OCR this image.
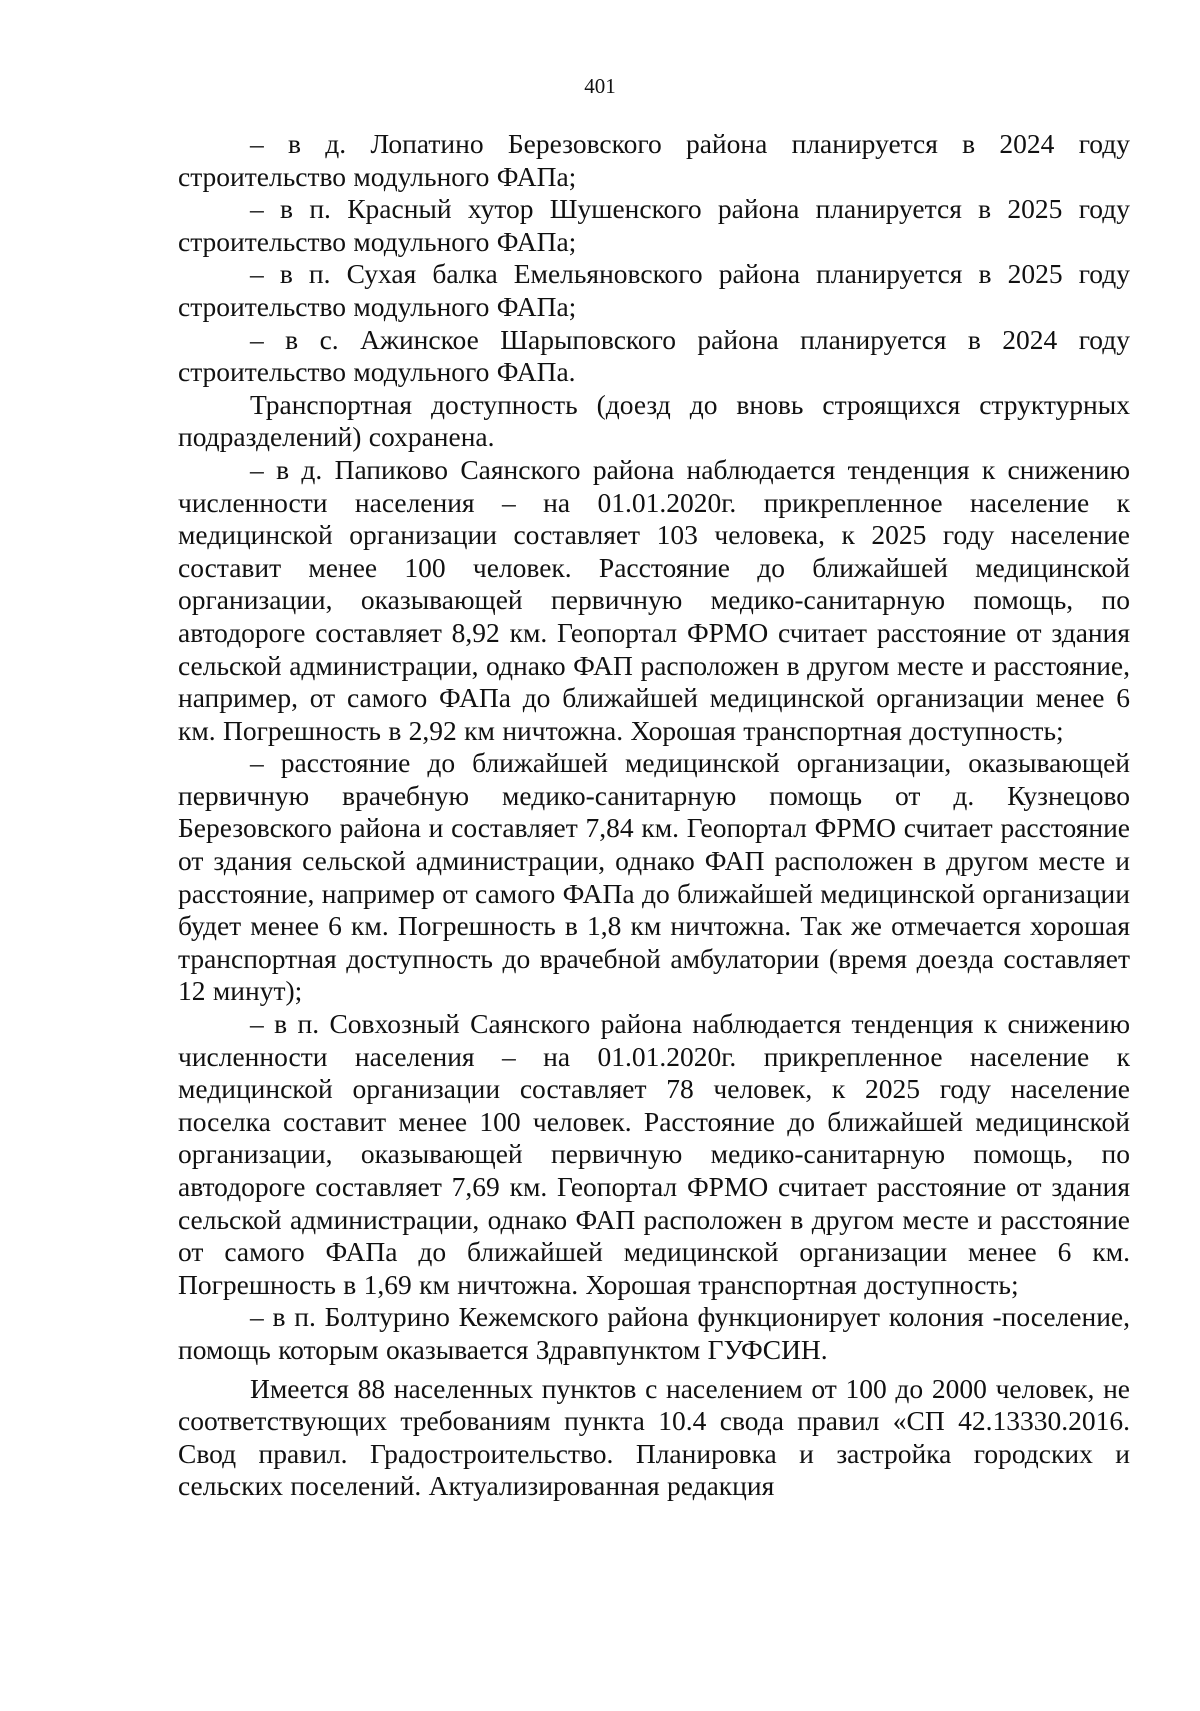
401

– в д. Лопатино Березовского района планируется в 2024 году строительство модульного ФАПа;

– в п. Красный хутор Шушенского района планируется в 2025 году строительство модульного ФАПа;

– в п. Сухая балка Емельяновского района планируется в 2025 году строительство модульного ФАПа;

– в с. Ажинское Шарыповского района планируется в 2024 году строительство модульного ФАПа.

Транспортная доступность (доезд до вновь строящихся структурных подразделений) сохранена.

– в д. Папиково Саянского района наблюдается тенденция к снижению численности населения – на 01.01.2020г. прикрепленное население к медицинской организации составляет 103 человека, к 2025 году население составит менее 100 человек. Расстояние до ближайшей медицинской организации, оказывающей первичную медико-санитарную помощь, по автодороге составляет 8,92 км. Геопортал ФРМО считает расстояние от здания сельской администрации, однако ФАП расположен в другом месте и расстояние, например, от самого ФАПа до ближайшей медицинской организации менее 6 км. Погрешность в 2,92 км ничтожна. Хорошая транспортная доступность;

– расстояние до ближайшей медицинской организации, оказывающей первичную врачебную медико-санитарную помощь от д. Кузнецово Березовского района и составляет 7,84 км. Геопортал ФРМО считает расстояние от здания сельской администрации, однако ФАП расположен в другом месте и расстояние, например от самого ФАПа до ближайшей медицинской организации будет менее 6 км. Погрешность в 1,8 км ничтожна. Так же отмечается хорошая транспортная доступность до врачебной амбулатории (время доезда составляет 12 минут);

– в п. Совхозный Саянского района наблюдается тенденция к снижению численности населения – на 01.01.2020г. прикрепленное население к медицинской организации составляет 78 человек, к 2025 году население поселка составит менее 100 человек. Расстояние до ближайшей медицинской организации, оказывающей первичную медико-санитарную помощь, по автодороге составляет 7,69 км. Геопортал ФРМО считает расстояние от здания сельской администрации, однако ФАП расположен в другом месте и расстояние от самого ФАПа до ближайшей медицинской организации менее 6 км. Погрешность в 1,69 км ничтожна. Хорошая транспортная доступность;

– в п. Болтурино Кежемского района функционирует колония -поселение, помощь которым оказывается Здравпунктом ГУФСИН.

Имеется 88 населенных пунктов с населением от 100 до 2000 человек, не соответствующих требованиям пункта 10.4 свода правил «СП 42.13330.2016. Свод правил. Градостроительство. Планировка и застройка городских и сельских поселений. Актуализированная редакция
